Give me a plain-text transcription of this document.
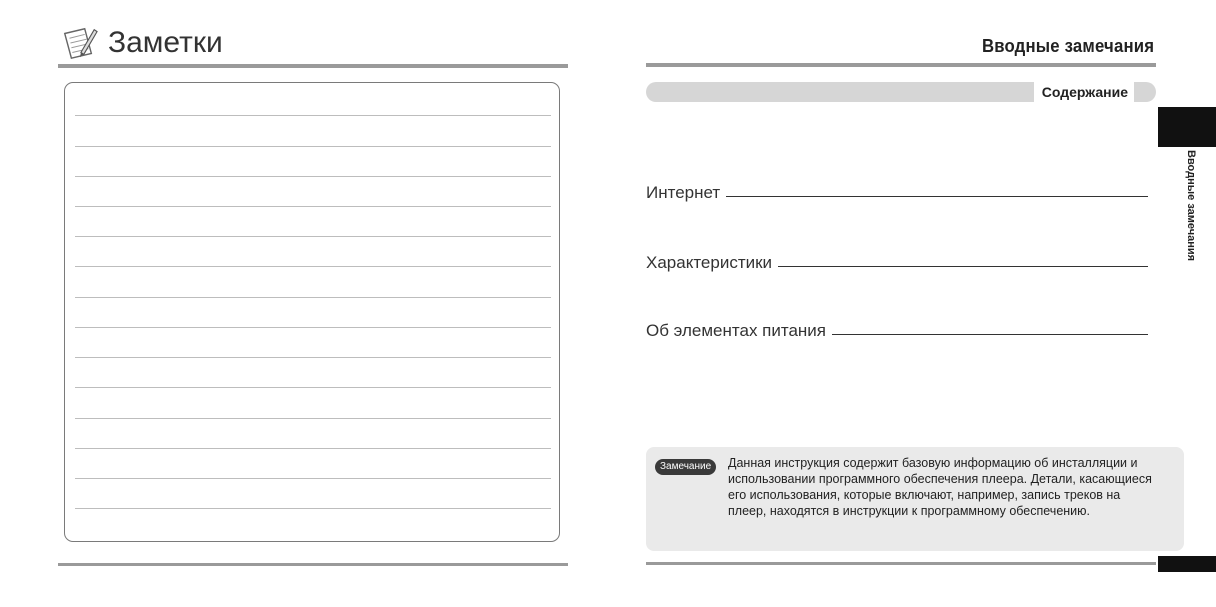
Заметки	Вводные замечания
Содержание
Интернет
Характеристики
Об элементах питания
Замечание	Данная инструкция содержит базовую информацию об инсталляции и использовании программного обеспечения плеера. Детали, касающиеся его использования, которые включают, например, запись треков на плеер, находятся в инструкции к программному обеспечению.
Вводные замечания
